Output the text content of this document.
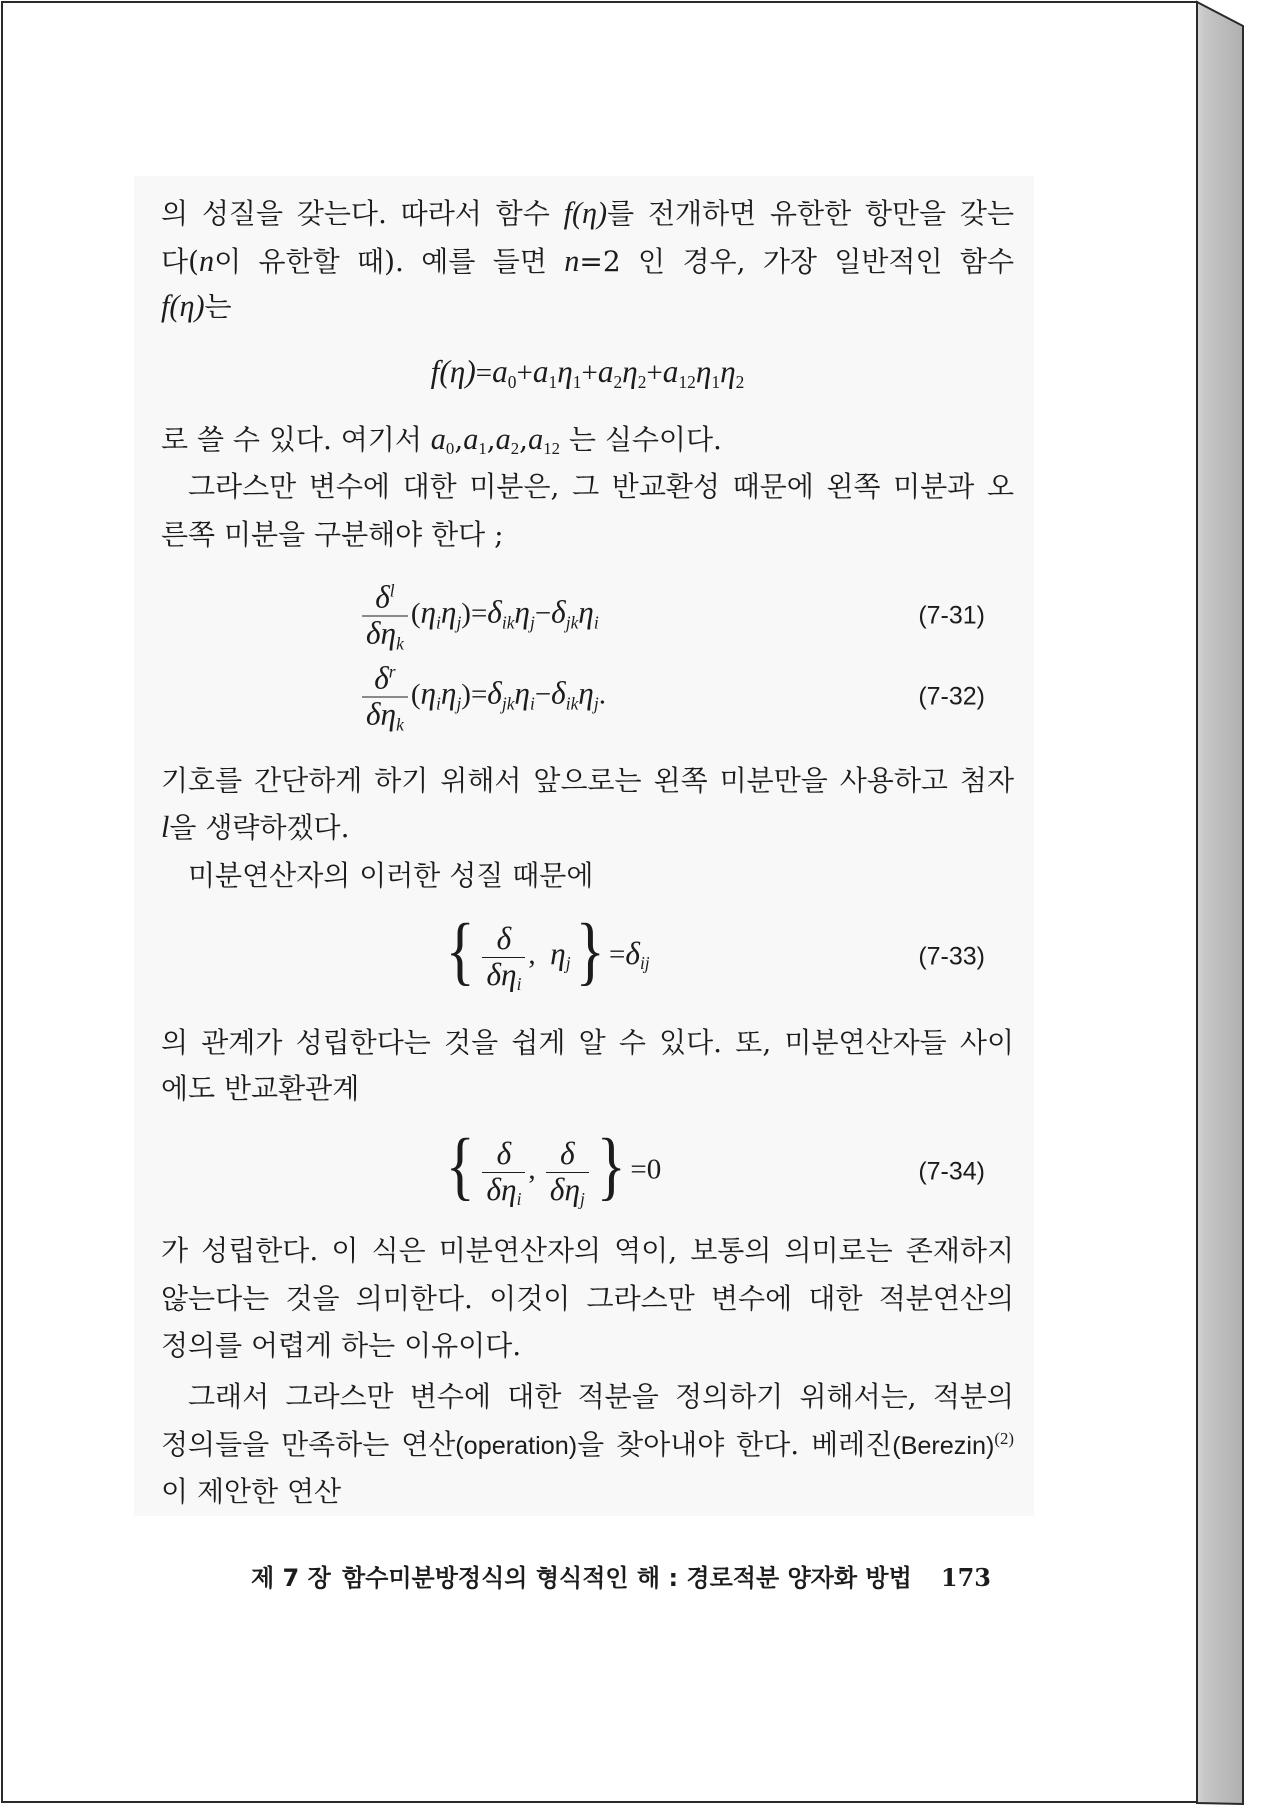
의 성질을 갖는다. 따라서 함수 f(η)를 전개하면 유한한 항만을 갖는
다(n이 유한할 때). 예를 들면 n=2 인 경우, 가장 일반적인 함수
f(η)는
f(η)=a0+a1η1+a2η2+a12η1η2
로 쓸 수 있다. 여기서 a0,a1,a2,a12 는 실수이다.
그라스만 변수에 대한 미분은, 그 반교환성 때문에 왼쪽 미분과 오
른쪽 미분을 구분해야 한다 ;
$\frac{\delta^l}{\text{δηk}} (\eta i\eta j)=\delta ik\eta j-\delta jk\eta i$	(7-31)
$\frac{\delta^r}{\text{δηk}} (\eta i\eta j)=\delta jk\eta i-\delta ik\eta j$.	(7-32)
기호를 간단하게 하기 위해서 앞으로는 왼쪽 미분만을 사용하고 첨자
l을 생략하겠다.
미분연산자의 이러한 성질 때문에
{ $\frac{\delta}{\text{δηi}}$ ,  ηj} =δij	(7-33)
의 관계가 성립한다는 것을 쉽게 알 수 있다. 또, 미분연산자들 사이
에도 반교환관계
{ $\frac{\delta}{\text{δηi}}$ , $\frac{\delta}{\text{δηj}}$ } =0	(7-34)
가 성립한다. 이 식은 미분연산자의 역이, 보통의 의미로는 존재하지
않는다는 것을 의미한다. 이것이 그라스만 변수에 대한 적분연산의
정의를 어렵게 하는 이유이다.
그래서 그라스만 변수에 대한 적분을 정의하기 위해서는, 적분의
정의들을 만족하는 연산(operation)을 찾아내야 한다. 베레진(Berezin)$^{(2)}$
이 제안한 연산
제 7 장 함수미분방정식의 형식적인 해 : 경로적분 양자화 방법 173
